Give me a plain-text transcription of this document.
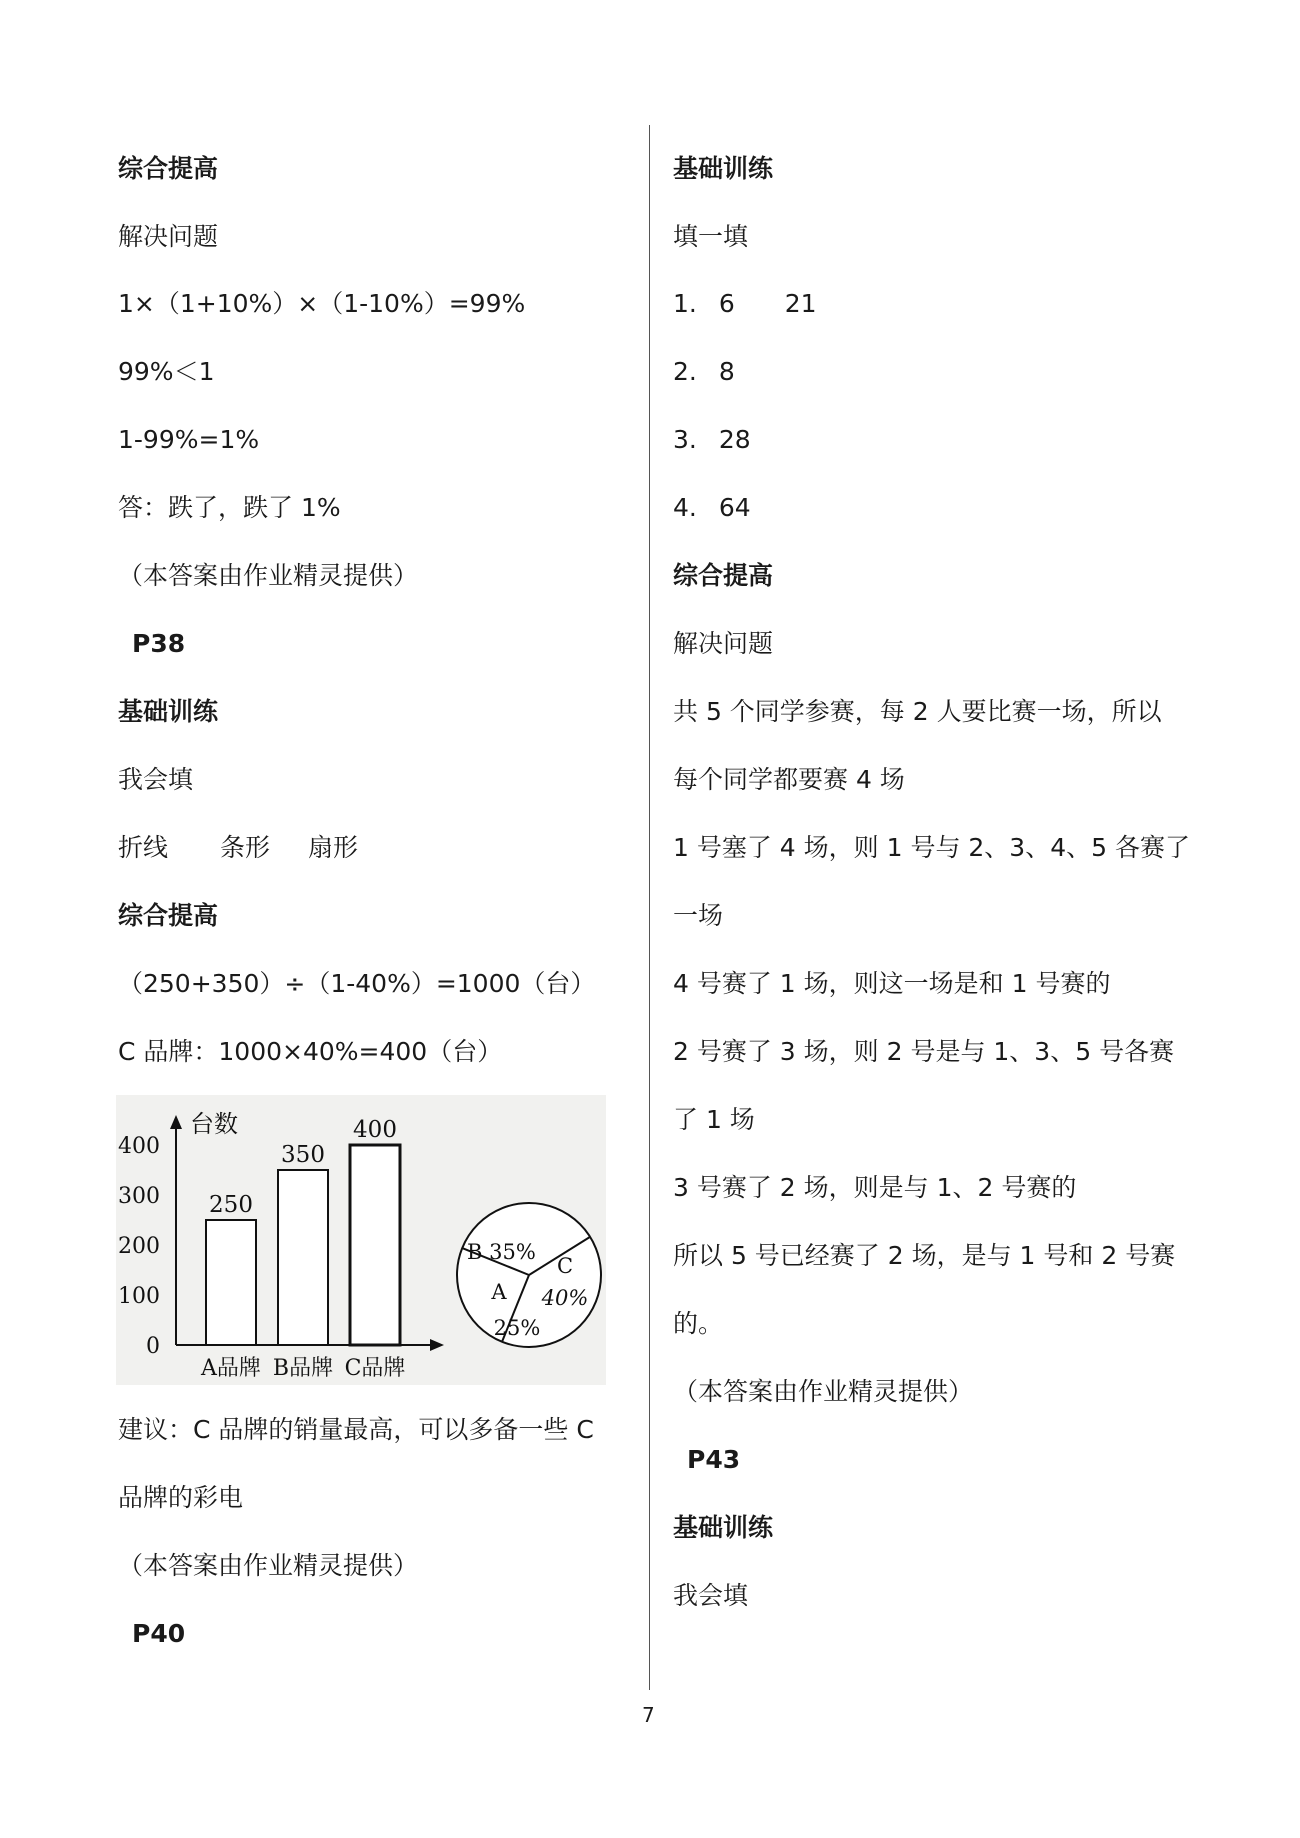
综合提高
解决问题
1×（1+10%）×（1-10%）=99%
99%＜1
1-99%=1%
答：跌了，跌了 1%
（本答案由作业精灵提供）
P38
基础训练
我会填
折线 条形 扇形
综合提高
（250+350）÷（1-40%）=1000（台）
C 品牌：1000×40%=400（台）
建议：C 品牌的销量最高，可以多备一些 C
品牌的彩电
（本答案由作业精灵提供）
P40
台数
0
100
200
300
400
250
A品牌
350
B品牌
400
C品牌
B 35%
C
40%
A
25%
基础训练
填一填
1. 6 21
2. 8
3. 28
4. 64
综合提高
解决问题
共 5 个同学参赛，每 2 人要比赛一场，所以
每个同学都要赛 4 场
1 号塞了 4 场，则 1 号与 2、3、4、5 各赛了
一场
4 号赛了 1 场，则这一场是和 1 号赛的
2 号赛了 3 场，则 2 号是与 1、3、5 号各赛
了 1 场
3 号赛了 2 场，则是与 1、2 号赛的
所以 5 号已经赛了 2 场，是与 1 号和 2 号赛
的。
（本答案由作业精灵提供）
P43
基础训练
我会填
7
